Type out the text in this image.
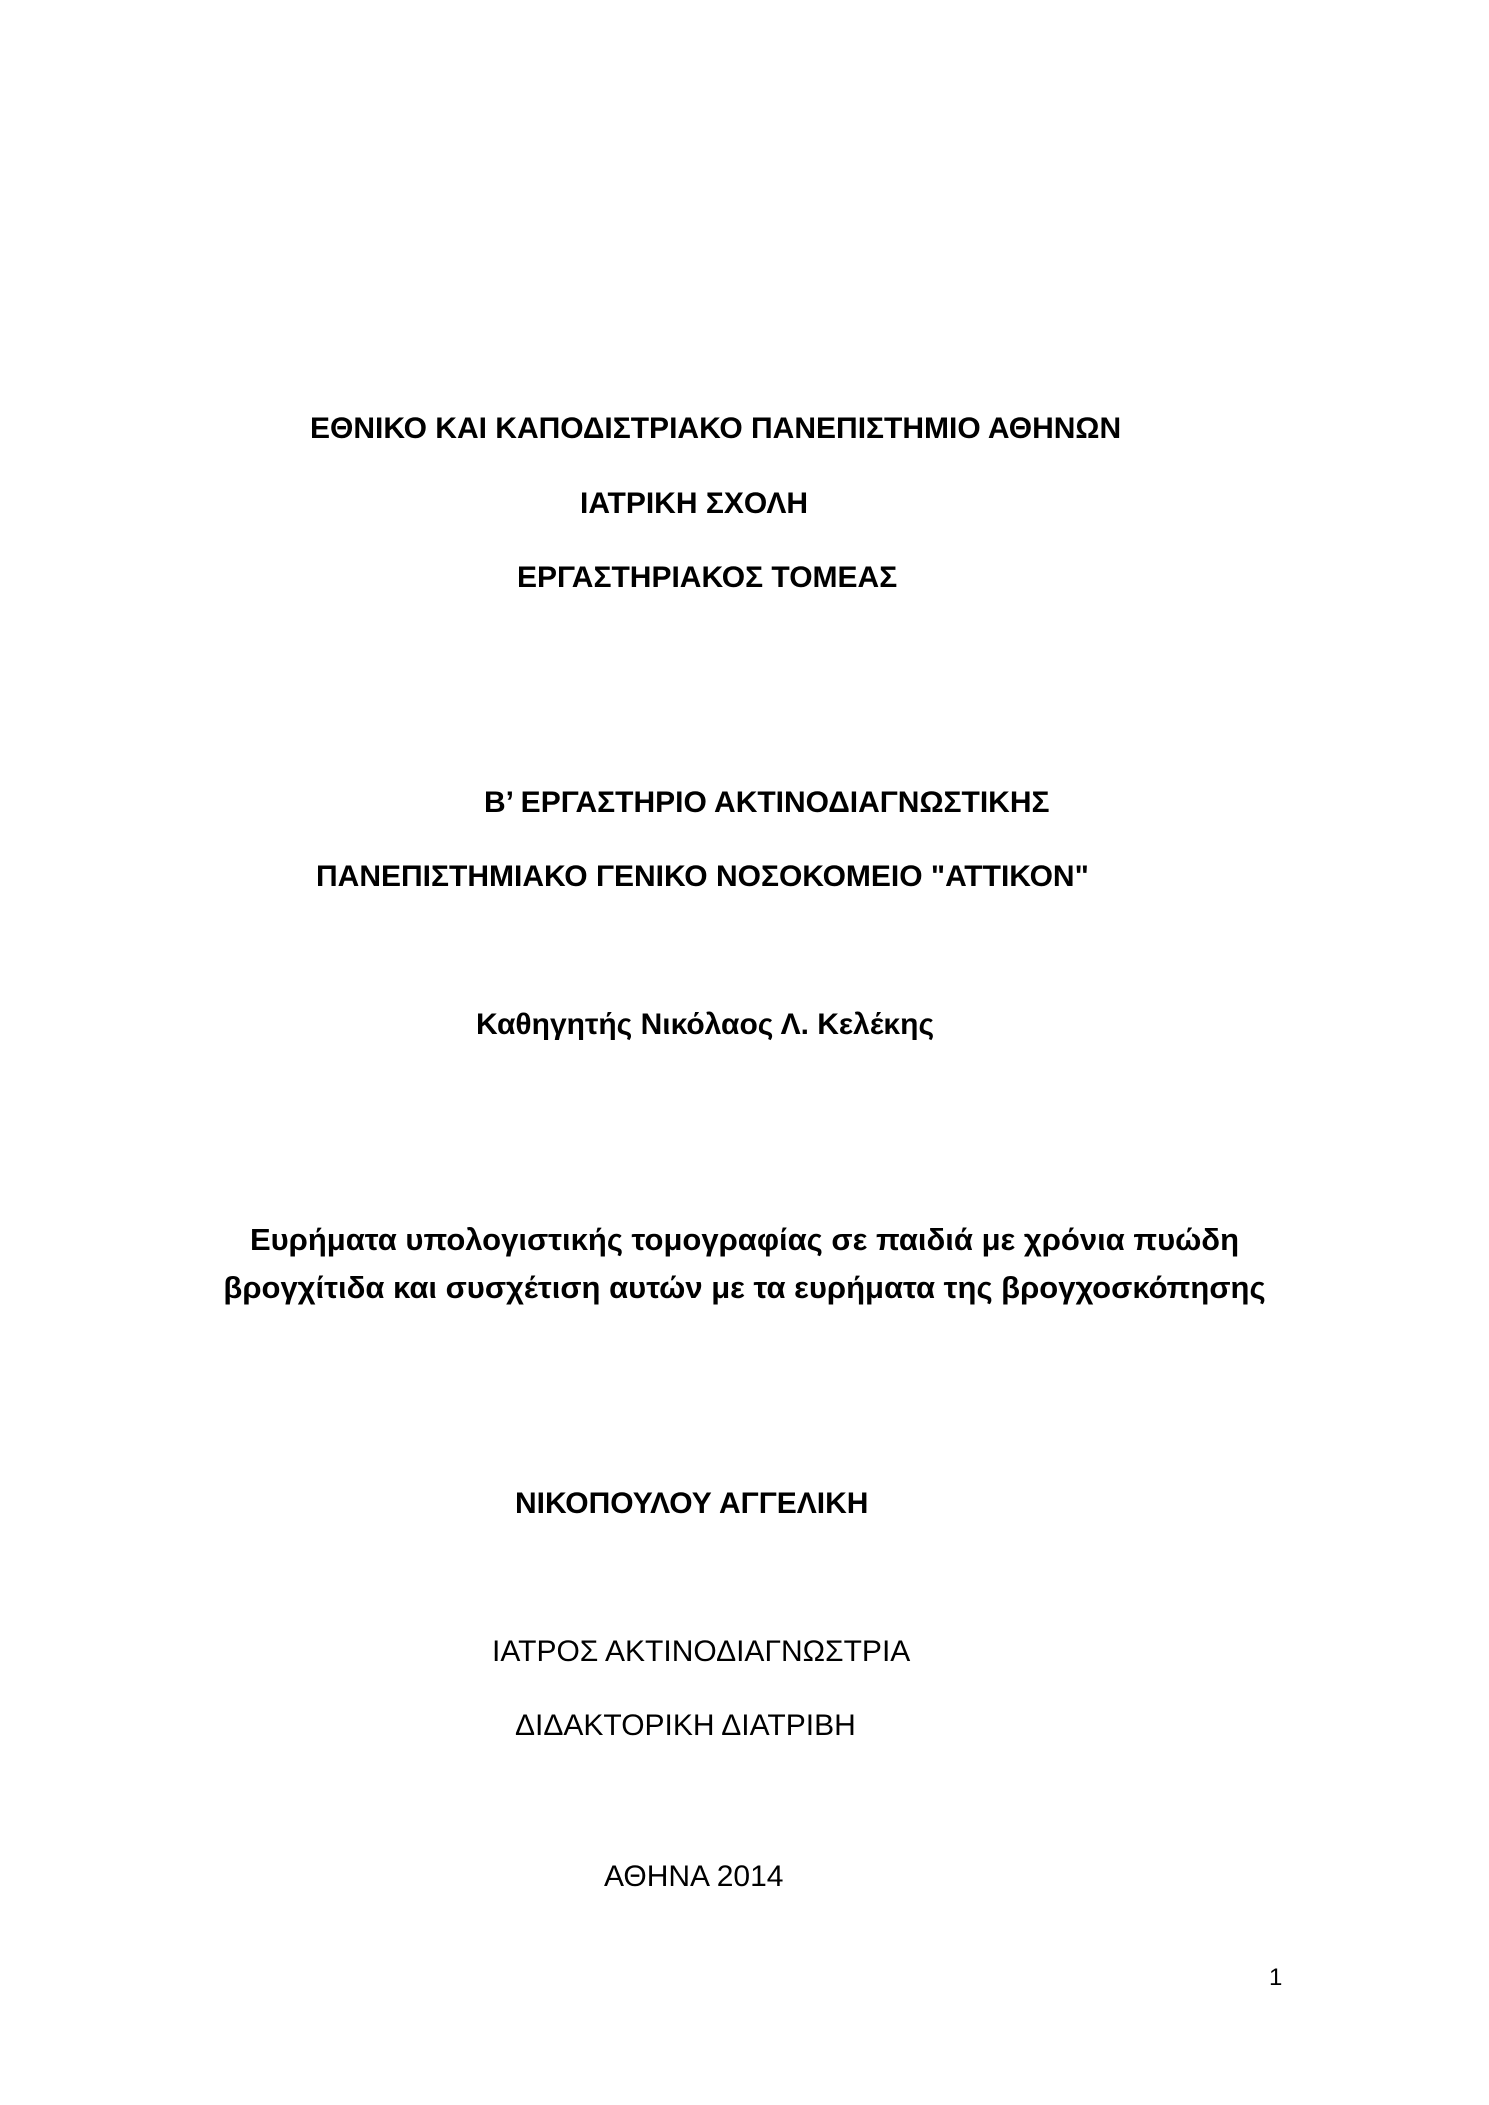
ΕΘΝΙΚΟ ΚΑΙ ΚΑΠΟΔΙΣΤΡΙΑΚΟ ΠΑΝΕΠΙΣΤΗΜΙΟ ΑΘΗΝΩΝ
ΙΑΤΡΙΚΗ ΣΧΟΛΗ
ΕΡΓΑΣΤΗΡΙΑΚΟΣ ΤΟΜΕΑΣ
Β’ ΕΡΓΑΣΤΗΡΙΟ ΑΚΤΙΝΟΔΙΑΓΝΩΣΤΙΚΗΣ
ΠΑΝΕΠΙΣΤΗΜΙΑΚΟ ΓΕΝΙΚΟ ΝΟΣΟΚΟΜΕΙΟ "ΑΤΤΙΚΟΝ"
Καθηγητής Νικόλαος Λ. Κελέκης
Ευρήματα υπολογιστικής τομογραφίας σε παιδιά με χρόνια πυώδη
βρογχίτιδα και συσχέτιση αυτών με τα ευρήματα της βρογχοσκόπησης
ΝΙΚΟΠΟΥΛΟΥ ΑΓΓΕΛΙΚΗ
ΙΑΤΡΟΣ ΑΚΤΙΝΟΔΙΑΓΝΩΣΤΡΙΑ
ΔΙΔΑΚΤΟΡΙΚΗ ΔΙΑΤΡΙΒΗ
ΑΘΗΝΑ 2014
1
